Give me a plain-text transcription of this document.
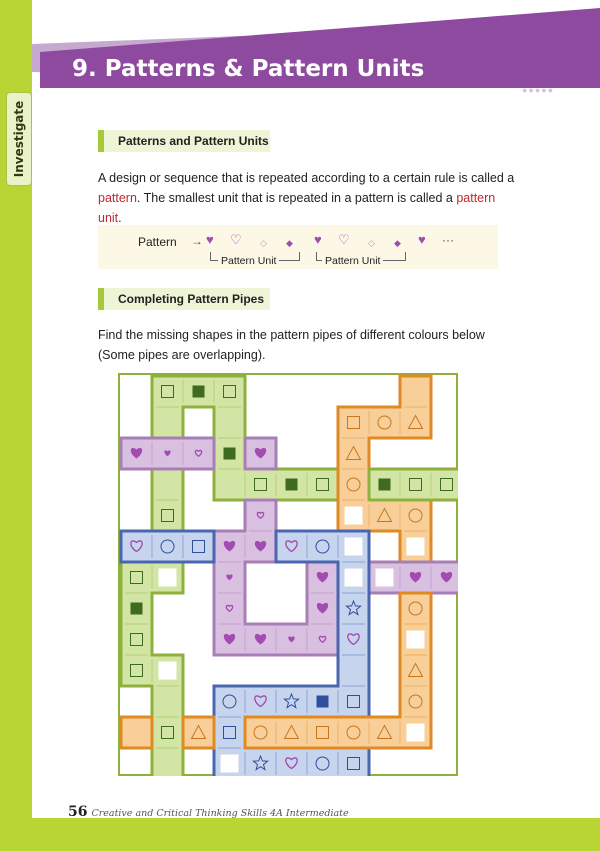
9. Patterns & Pattern Units
●●●●●
Investigate	Patterns and Pattern Units
A design or sequence that is repeated according to a certain rule is called a pattern. The smallest unit that is repeated in a pattern is called a pattern unit.
Pattern → ♥ ♡ ◇ ◆ ♥ ♡ ◇ ◆ ♥ ···
Pattern Unit	Pattern Unit
Completing Pattern Pipes
Find the missing shapes in the pattern pipes of different colours below (Some pipes are overlapping).
56 Creative and Critical Thinking Skills 4A Intermediate
